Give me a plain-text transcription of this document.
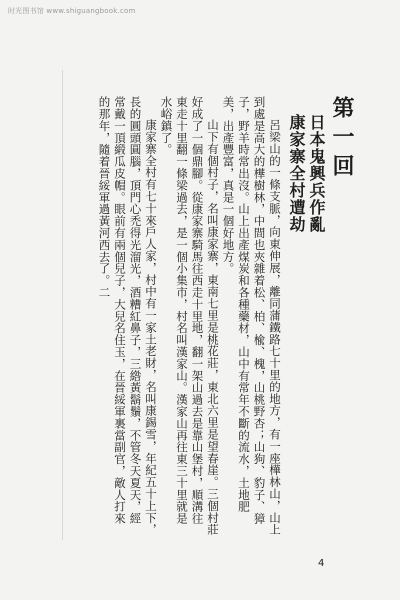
时光图书馆 www.shiguangbook.com
第一回
日本鬼興兵作亂
康家寨全村遭劫

呂梁山的一條支脈，向東伸展，離同蒲鐵路七十里的地方，有一座樺林山，山上到處是高大的樺樹林，中間也夾雜着松、柏、楡、槐，山桃野杏；山狗、豹子、獐子，野羊時常出沒。山上出產煤炭和各種藥材，山中有常年不斷的流水，土地肥美，出產豐富，真是一個好地方。

山下有個村子，名叫康家寨，東南七里是桃花莊，東北六里是望春崖。三個村莊好成了一個鼎腳。從康家寨騎馬往西走十里地，翻一架山過去是靠山堡村，順溝往東走十里翻一條梁過去，是一個小集市，村名叫漢家山。漢家山再往東三十里就是水峪鎮了。

康家寨全村有七十來戶人家，村中有一家土老財，名叫康錫雪，年紀五十上下，長的圓頭圓腦，頂門心禿得光溜光，酒糟紅鼻子，三綹黃鬍鬚，不管冬天夏天，經常戴一頂緞瓜皮帽。眼前有兩個兒子，大兒名住玉，在晉綏軍裏當副官，敵人打來的那年，隨着晉綏軍過黃河西去了。二

4
